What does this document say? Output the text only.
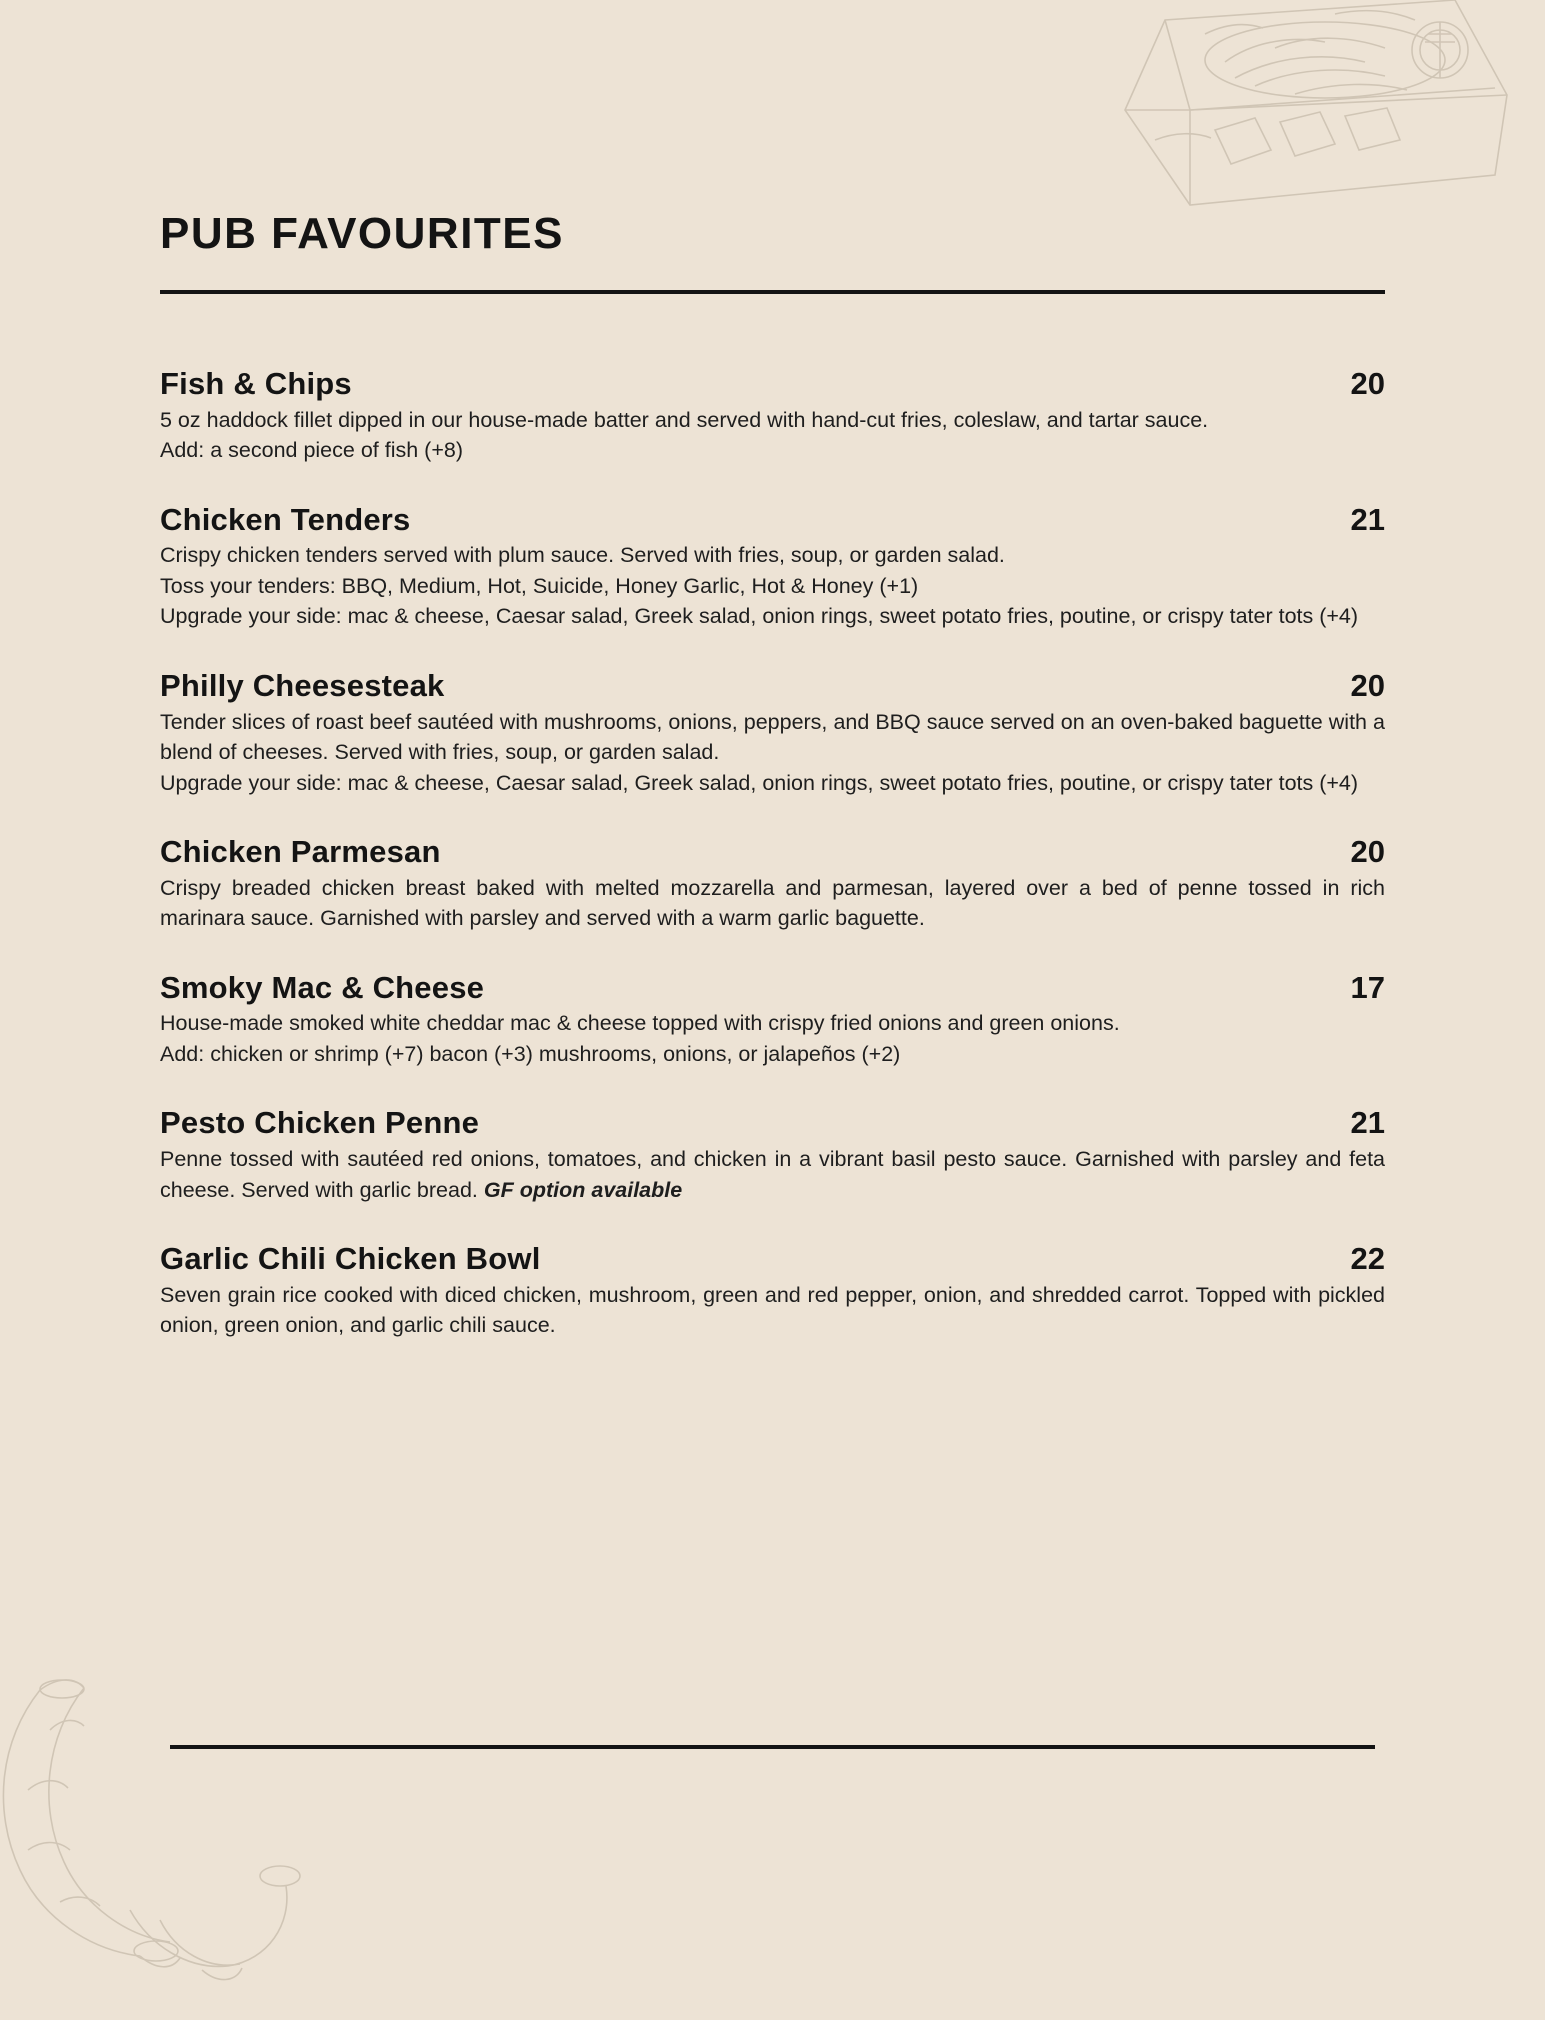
PUB FAVOURITES
Fish & Chips	20
5 oz haddock fillet dipped in our house-made batter and served with hand-cut fries, coleslaw, and tartar sauce.
Add: a second piece of fish (+8)
Chicken Tenders	21
Crispy chicken tenders served with plum sauce. Served with fries, soup, or garden salad.
Toss your tenders: BBQ, Medium, Hot, Suicide, Honey Garlic, Hot & Honey (+1)
Upgrade your side: mac & cheese, Caesar salad, Greek salad, onion rings, sweet potato fries, poutine, or crispy tater tots (+4)
Philly Cheesesteak	20
Tender slices of roast beef sautéed with mushrooms, onions, peppers, and BBQ sauce served on an oven-baked baguette with a blend of cheeses. Served with fries, soup, or garden salad.
Upgrade your side: mac & cheese, Caesar salad, Greek salad, onion rings, sweet potato fries, poutine, or crispy tater tots (+4)
Chicken Parmesan	20
Crispy breaded chicken breast baked with melted mozzarella and parmesan, layered over a bed of penne tossed in rich marinara sauce. Garnished with parsley and served with a warm garlic baguette.
Smoky Mac & Cheese	17
House-made smoked white cheddar mac & cheese topped with crispy fried onions and green onions.
Add: chicken or shrimp (+7) bacon (+3) mushrooms, onions, or jalapeños (+2)
Pesto Chicken Penne	21
Penne tossed with sautéed red onions, tomatoes, and chicken in a vibrant basil pesto sauce. Garnished with parsley and feta cheese. Served with garlic bread. GF option available
Garlic Chili Chicken Bowl	22
Seven grain rice cooked with diced chicken, mushroom, green and red pepper, onion, and shredded carrot. Topped with pickled onion, green onion, and garlic chili sauce.
